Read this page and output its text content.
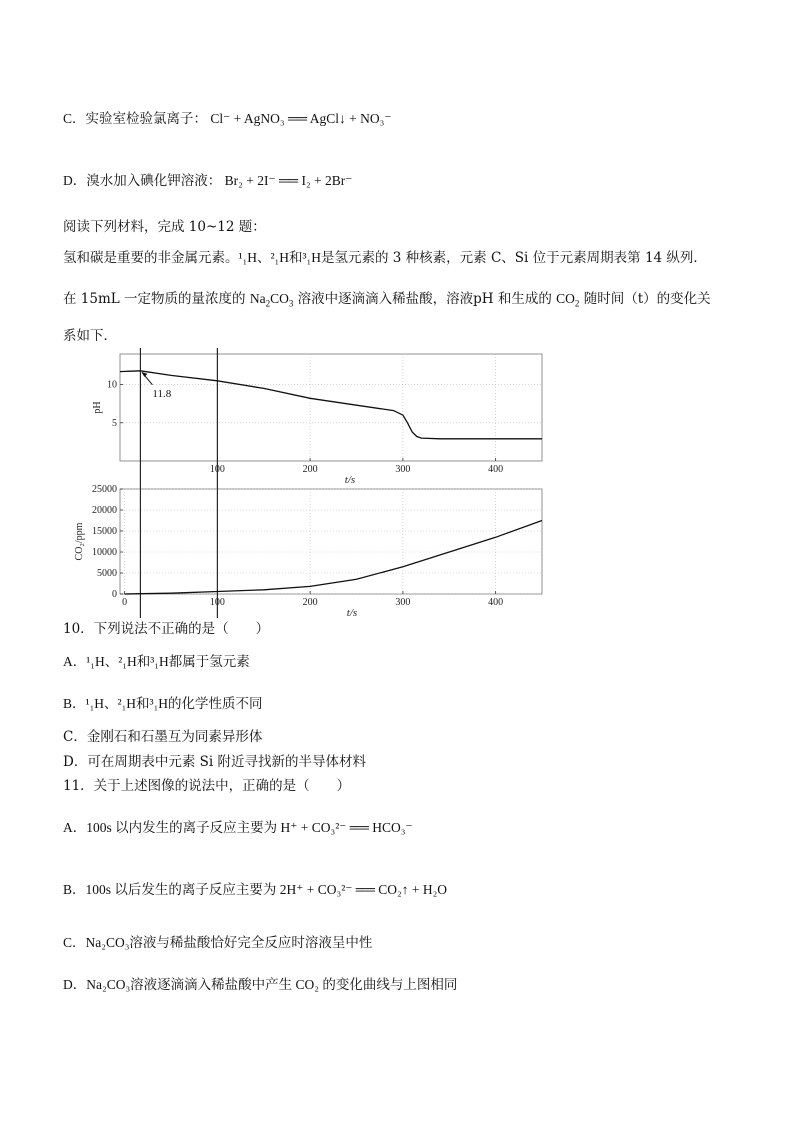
C．实验室检验氯离子： Cl⁻ + AgNO₃ ══ AgCl↓ + NO₃⁻
D．溴水加入碘化钾溶液： Br₂ + 2I⁻ ══ I₂ + 2Br⁻
阅读下列材料，完成 10~12 题：
氢和碳是重要的非金属元素。¹₁H、²₁H和³₁H是氢元素的 3 种核素，元素 C、Si 位于元素周期表第 14 纵列．
在 15mL 一定物质的量浓度的 $Na_2CO_3$ 溶液中逐滴滴入稀盐酸，溶液pH 和生成的 $CO_2$ 随时间（t）的变化关
系如下．
100	200	300	400
5
10
pH
t/s
11.8
0	100	200	300	400
0
5000
10000
15000
20000
25000
CO₂/ppm
t/s
10．下列说法不正确的是（　　）
A．¹₁H、²₁H和³₁H都属于氢元素
B．¹₁H、²₁H和³₁H的化学性质不同
C．金刚石和石墨互为同素异形体
D．可在周期表中元素 Si 附近寻找新的半导体材料
11．关于上述图像的说法中，正确的是（　　）
A．100s 以内发生的离子反应主要为 H⁺ + CO₃²⁻ ══ HCO₃⁻
B．100s 以后发生的离子反应主要为 2H⁺ + CO₃²⁻ ══ CO₂↑ + H₂O
C．Na₂CO₃溶液与稀盐酸恰好完全反应时溶液呈中性
D．Na₂CO₃溶液逐滴滴入稀盐酸中产生 CO₂ 的变化曲线与上图相同
